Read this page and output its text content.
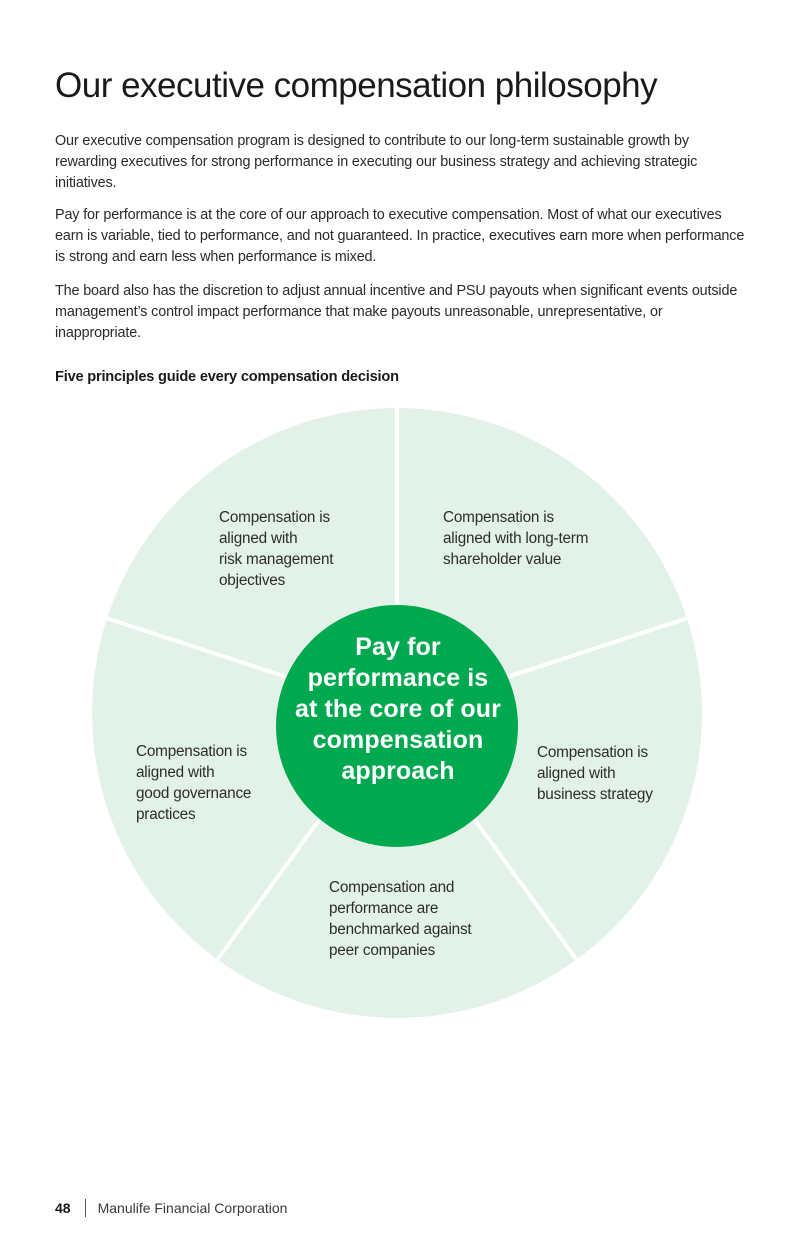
Our executive compensation philosophy

Our executive compensation program is designed to contribute to our long-term sustainable growth by rewarding executives for strong performance in executing our business strategy and achieving strategic initiatives.

Pay for performance is at the core of our approach to executive compensation. Most of what our executives earn is variable, tied to performance, and not guaranteed. In practice, executives earn more when performance is strong and earn less when performance is mixed.

The board also has the discretion to adjust annual incentive and PSU payouts when significant events outside management’s control impact performance that make payouts unreasonable, unrepresentative, or inappropriate.

Five principles guide every compensation decision
Compensation is
aligned with
risk management
objectives
Compensation is
aligned with long-term
shareholder value
Compensation is
aligned with
good governance
practices
Compensation is
aligned with
business strategy
Compensation and
performance are
benchmarked against
peer companies
Pay for
performance is
at the core of our
compensation
approach
48 Manulife Financial Corporation
